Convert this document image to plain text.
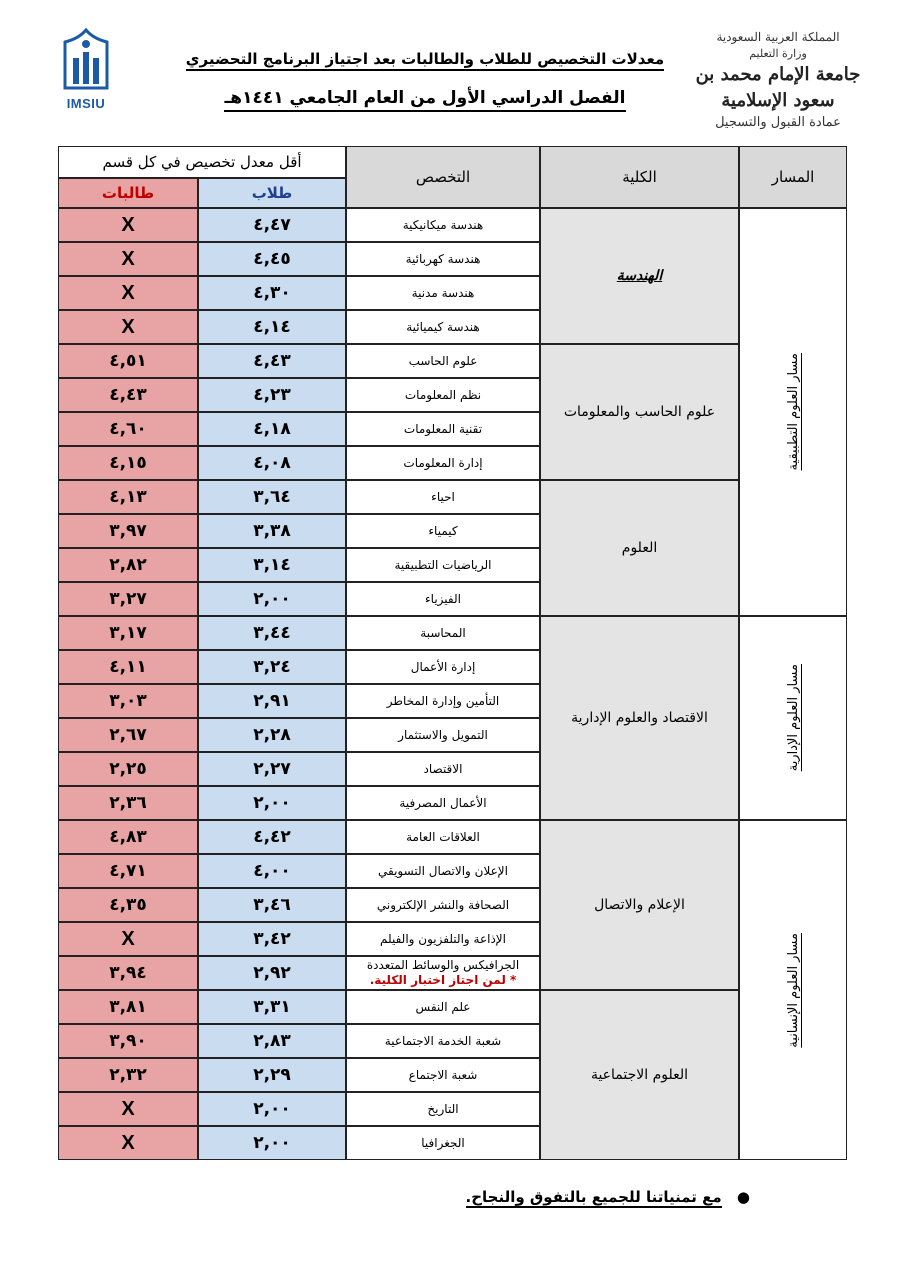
IMSIU
المملكة العربية السعودية
وزارة التعليم
جامعة الإمام محمد بن سعود الإسلامية
عمادة القبول والتسجيل
معدلات التخصيص للطلاب والطالبات بعد اجتياز البرنامج التحضيري
الفصل الدراسي الأول من العام الجامعي ١٤٤١هـ
المسار
الكلية
التخصص
أقل معدل تخصيص في كل قسم
طلاب
طالبات
هندسة ميكانيكية
٤,٤٧
X
هندسة كهربائية
٤,٤٥
X
هندسة مدنية
٤,٣٠
X
هندسة كيميائية
٤,١٤
X
علوم الحاسب
٤,٤٣
٤,٥١
نظم المعلومات
٤,٢٣
٤,٤٣
تقنية المعلومات
٤,١٨
٤,٦٠
إدارة المعلومات
٤,٠٨
٤,١٥
احياء
٣,٦٤
٤,١٣
كيمياء
٣,٣٨
٣,٩٧
الرياضيات التطبيقية
٣,١٤
٢,٨٢
الفيزياء
٢,٠٠
٣,٢٧
المحاسبة
٣,٤٤
٣,١٧
إدارة الأعمال
٣,٢٤
٤,١١
التأمين وإدارة المخاطر
٢,٩١
٣,٠٣
التمويل والاستثمار
٢,٢٨
٢,٦٧
الاقتصاد
٢,٢٧
٢,٢٥
الأعمال المصرفية
٢,٠٠
٢,٣٦
العلاقات العامة
٤,٤٢
٤,٨٣
الإعلان والاتصال التسويقي
٤,٠٠
٤,٧١
الصحافة والنشر الإلكتروني
٣,٤٦
٤,٣٥
الإذاعة والتلفزيون والفيلم
٣,٤٢
X
الجرافيكس والوسائط المتعددة
* لمن اجتاز اختبار الكلية.
٢,٩٢
٣,٩٤
علم النفس
٣,٣١
٣,٨١
شعبة الخدمة الاجتماعية
٢,٨٣
٣,٩٠
شعبة الاجتماع
٢,٢٩
٢,٣٢
التاريخ
٢,٠٠
X
الجغرافيا
٢,٠٠
X
الهندسة
علوم الحاسب والمعلومات
العلوم
الاقتصاد والعلوم الإدارية
الإعلام والاتصال
العلوم الاجتماعية
مسار العلوم التطبيقية
مسار العلوم الإدارية
مسار العلوم الإنسانية
● مع تمنياتنا للجميع بالتفوق والنجاح.
